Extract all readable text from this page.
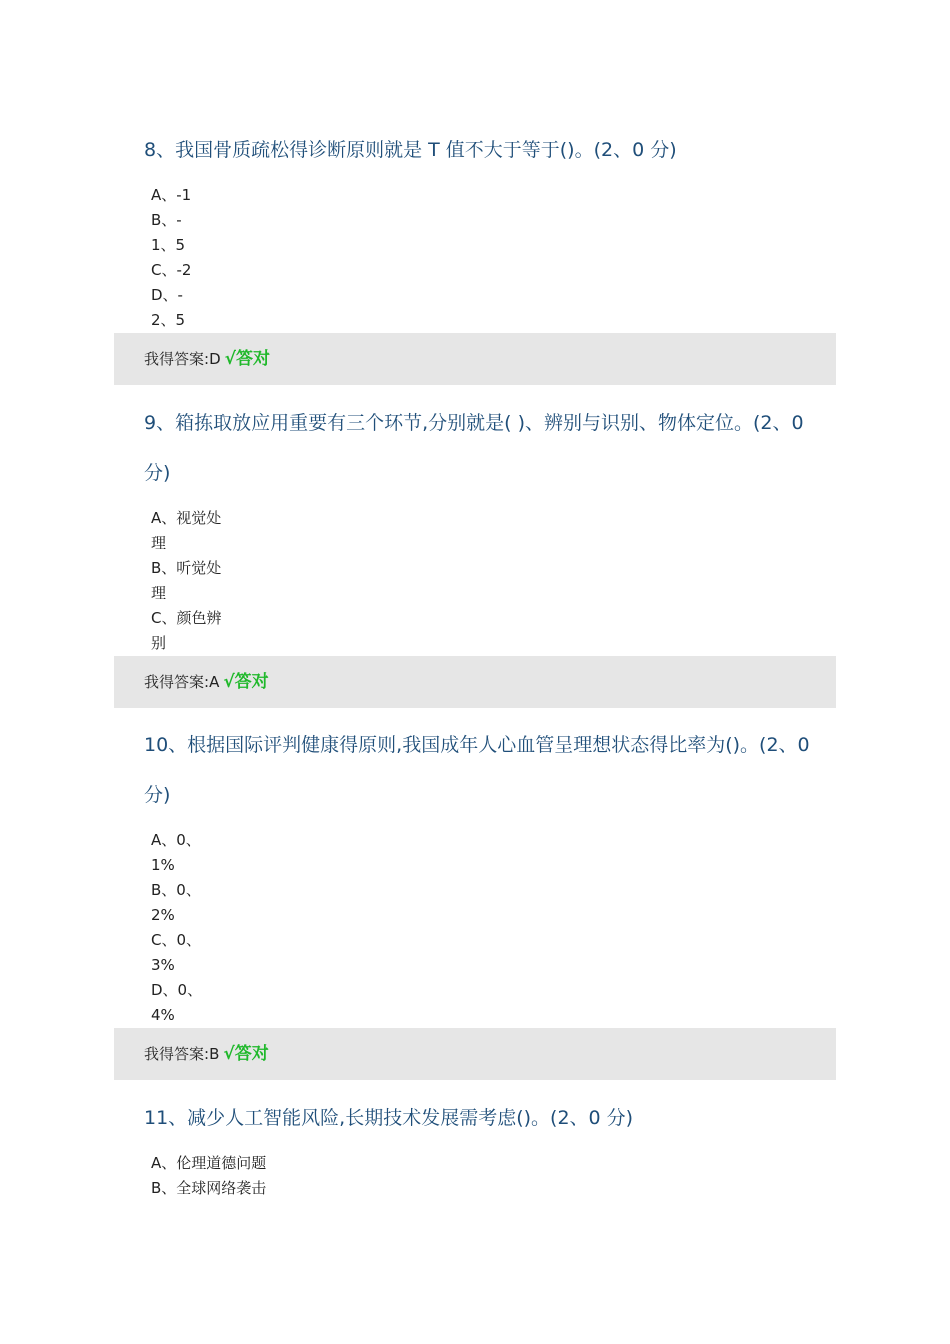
8、我国骨质疏松得诊断原则就是 T 值不大于等于()。(2、0 分)
A、-1
B、-
1、5
C、-2
D、-
2、5
我得答案:D √答对
9、箱拣取放应用重要有三个环节,分别就是( )、辨别与识别、物体定位。(2、0 分)
A、视觉处
理
B、听觉处
理
C、颜色辨
别
我得答案:A √答对
10、根据国际评判健康得原则,我国成年人心血管呈理想状态得比率为()。(2、0 分)
A、0、
1%
B、0、
2%
C、0、
3%
D、0、
4%
我得答案:B √答对
11、减少人工智能风险,长期技术发展需考虑()。(2、0 分)
A、伦理道德问题
B、全球网络袭击
